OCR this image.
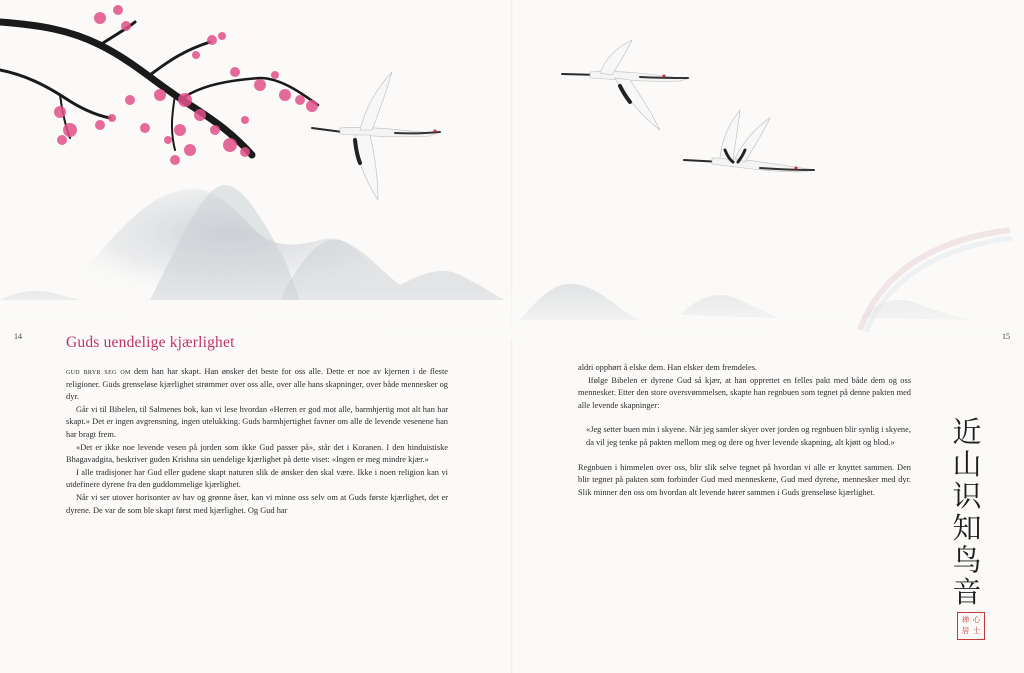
14	15
Guds uendelige kjærlighet

gud bryr seg om dem han har skapt. Han ønsker det beste for oss alle. Dette er noe av kjernen i de fleste religioner. Guds grenseløse kjærlighet strømmer over oss alle, over alle hans skapninger, over både mennesker og dyr.

Går vi til Bibelen, til Salmenes bok, kan vi lese hvordan «Herren er god mot alle, barmhjertig mot alt han har skapt.» Det er ingen avgrensning, ingen utelukking. Guds barmhjertighet favner om alle de levende vesenene han har bragt frem.

«Det er ikke noe levende vesen på jorden som ikke Gud passer på», står det i Koranen. I den hinduistiske Bhagavadgita, beskriver guden Krishna sin uendelige kjærlighet på dette viset: «Ingen er meg mindre kjær.»

I alle tradisjoner har Gud eller gudene skapt naturen slik de ønsker den skal være. Ikke i noen religion kan vi utdefinere dyrene fra den guddommelige kjærlighet.

Når vi ser utover horisonter av hav og grønne åser, kan vi minne oss selv om at Guds første kjærlighet, det er dyrene. De var de som ble skapt først med kjærlighet. Og Gud har

aldri opphørt å elske dem. Han elsker dem fremdeles.

Ifølge Bibelen er dyrene Gud så kjær, at han opprettet en felles pakt med både dem og oss mennesker. Etter den store oversvømmelsen, skapte han regnbuen som tegnet på denne pakten med alle levende skapninger:

«Jeg setter buen min i skyene. Når jeg samler skyer over jorden og regnbuen blir synlig i skyene, da vil jeg tenke på pakten mellom meg og dere og hver levende skapning, alt kjøtt og blod.»

Regnbuen i himmelen over oss, blir slik selve tegnet på hvordan vi alle er knyttet sammen. Den blir tegnet på pakten som forbinder Gud med menneskene, Gud med dyrene, mennesker med dyr. Slik minner den oss om hvordan alt levende hører sammen i Guds grenseløse kjærlighet.

近
山
识
知
鸟
音
禅 心
居 士
